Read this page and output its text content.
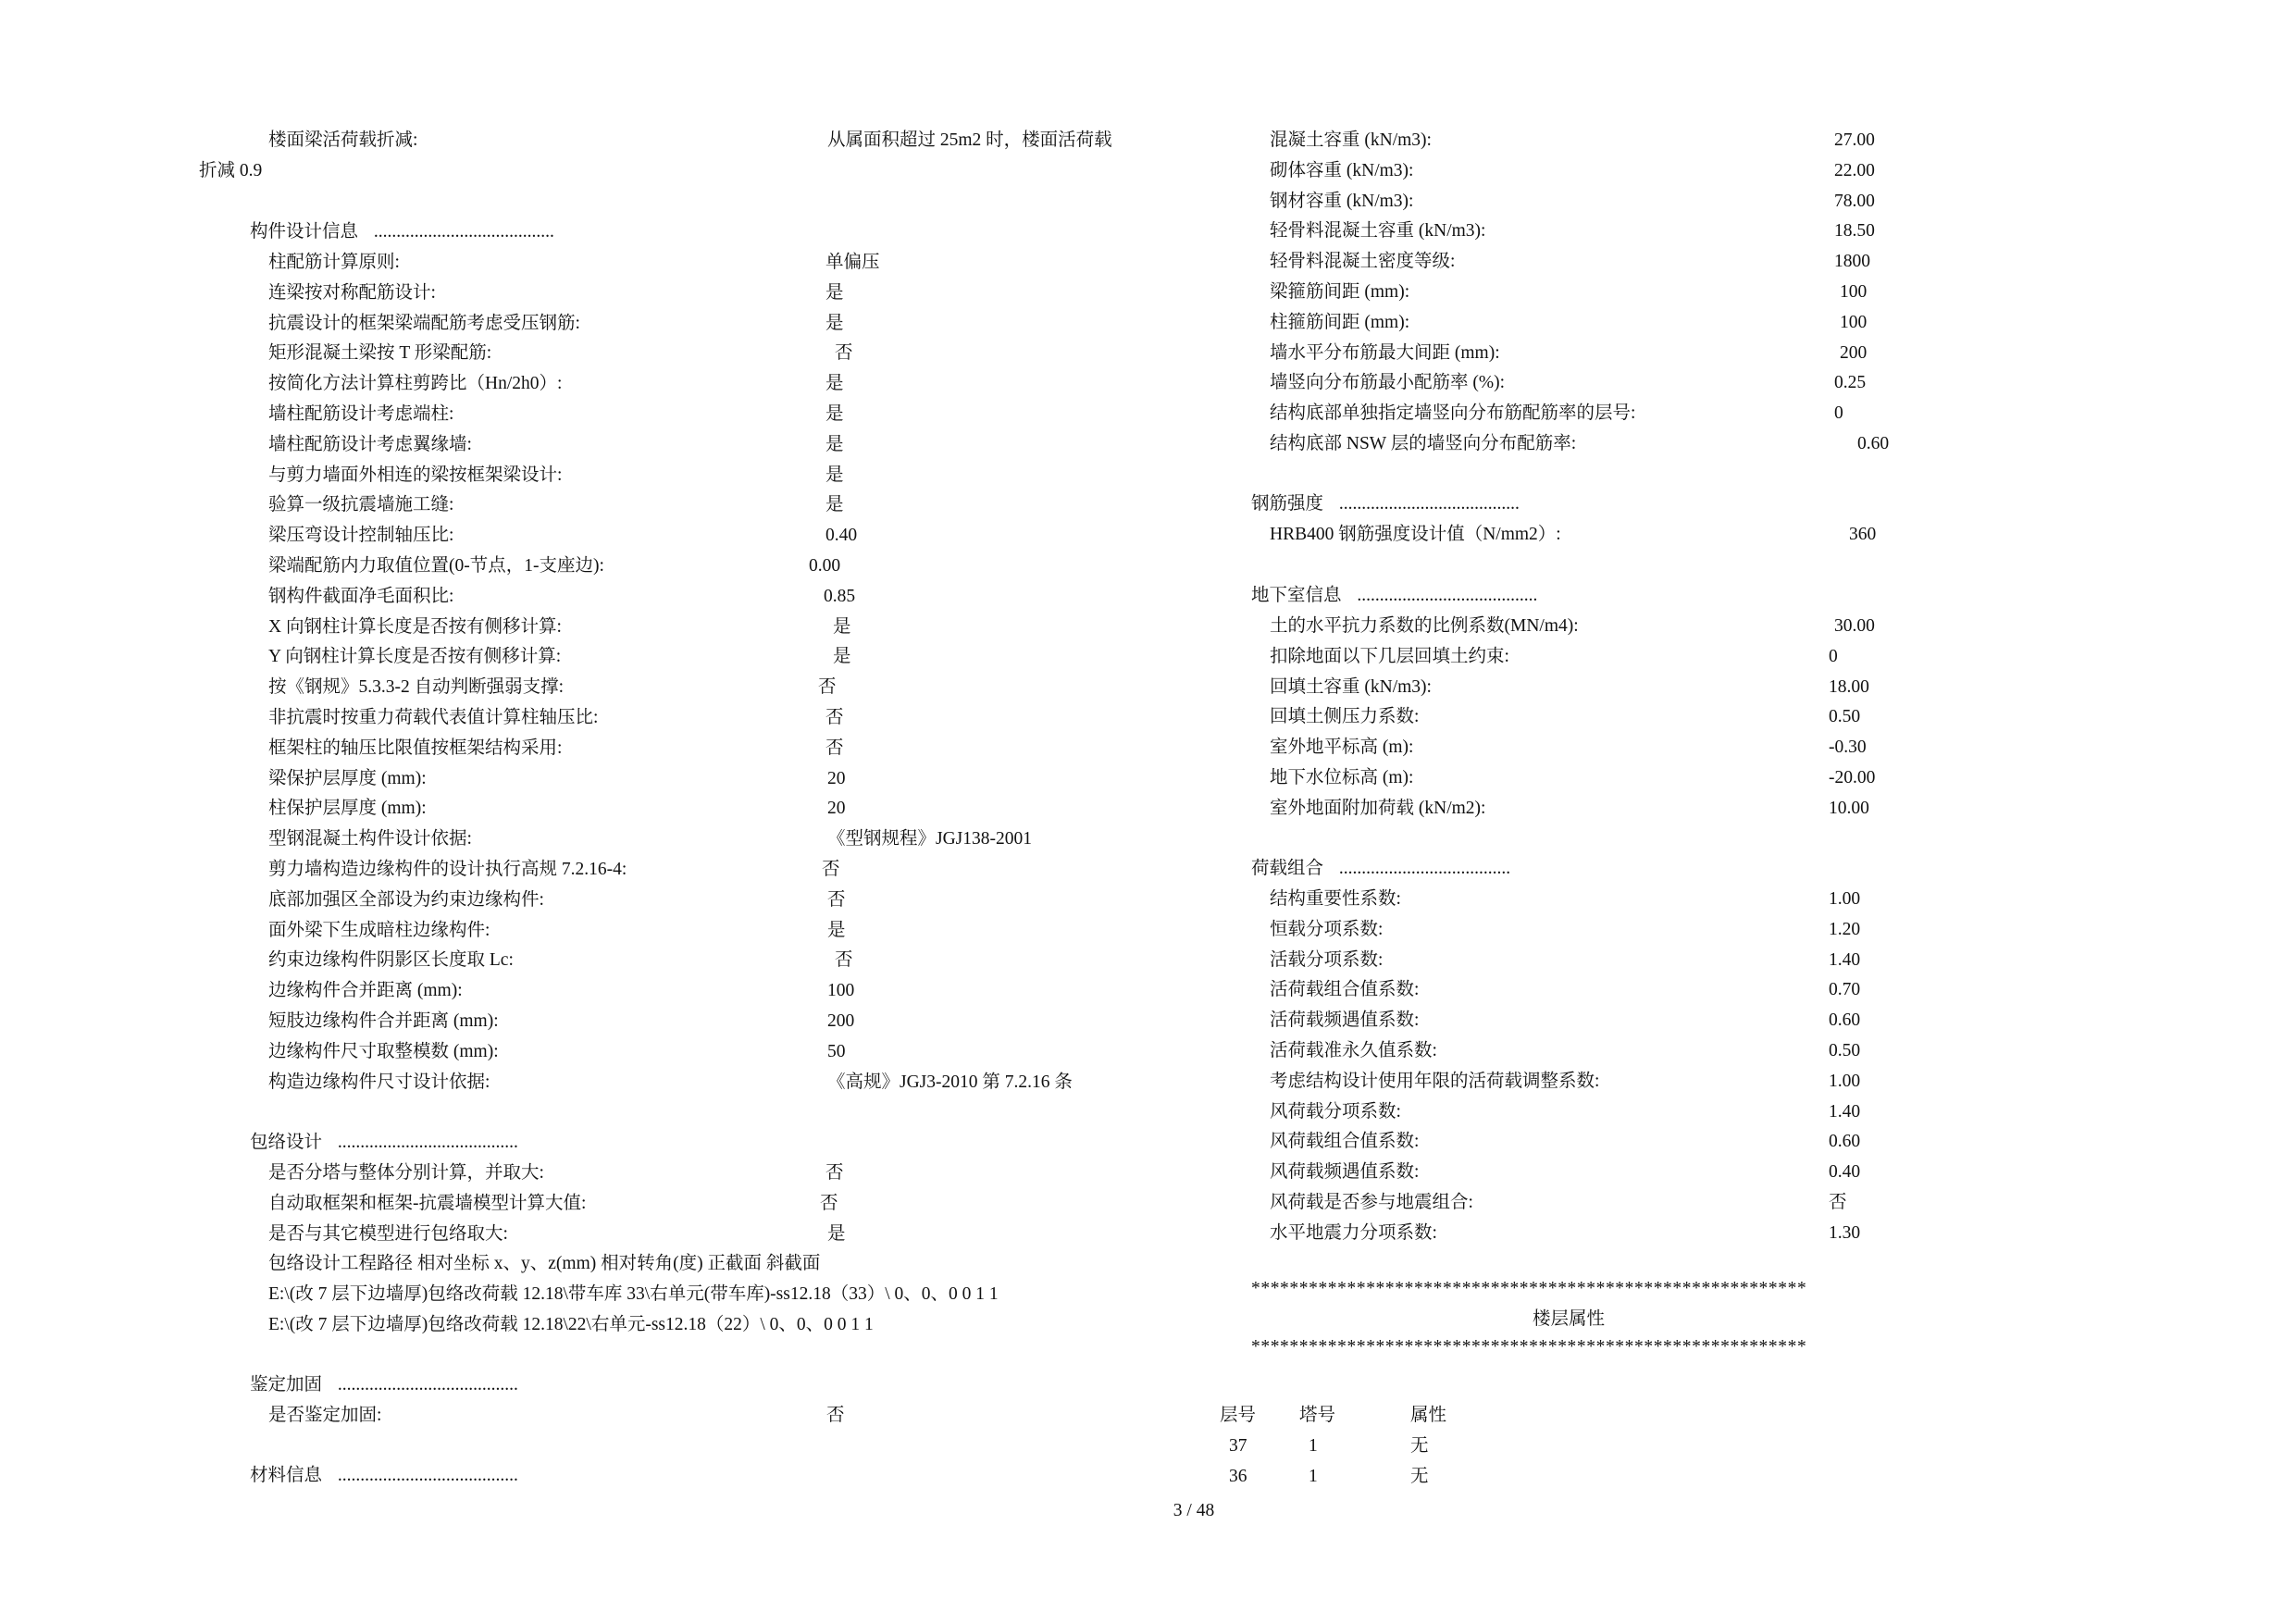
楼面梁活荷载折减:	从属面积超过 25m2 时，楼面活荷载
折减 0.9
构件设计信息 ........................................
柱配筋计算原则:	单偏压
连梁按对称配筋设计:	是
抗震设计的框架梁端配筋考虑受压钢筋:	是
矩形混凝土梁按 T 形梁配筋:	否
按简化方法计算柱剪跨比（Hn/2h0）:	是
墙柱配筋设计考虑端柱:	是
墙柱配筋设计考虑翼缘墙:	是
与剪力墙面外相连的梁按框架梁设计:	是
验算一级抗震墙施工缝:	是
梁压弯设计控制轴压比:	0.40
梁端配筋内力取值位置(0-节点，1-支座边):	0.00
钢构件截面净毛面积比:	0.85
X 向钢柱计算长度是否按有侧移计算:	是
Y 向钢柱计算长度是否按有侧移计算:	是
按《钢规》5.3.3-2 自动判断强弱支撑:	否
非抗震时按重力荷载代表值计算柱轴压比:	否
框架柱的轴压比限值按框架结构采用:	否
梁保护层厚度 (mm):	20
柱保护层厚度 (mm):	20
型钢混凝土构件设计依据:	《型钢规程》JGJ138-2001
剪力墙构造边缘构件的设计执行高规 7.2.16-4:	否
底部加强区全部设为约束边缘构件:	否
面外梁下生成暗柱边缘构件:	是
约束边缘构件阴影区长度取 Lc:	否
边缘构件合并距离 (mm):	100
短肢边缘构件合并距离 (mm):	200
边缘构件尺寸取整模数 (mm):	50
构造边缘构件尺寸设计依据:	《高规》JGJ3-2010 第 7.2.16 条
包络设计 ........................................
是否分塔与整体分别计算，并取大:	否
自动取框架和框架-抗震墙模型计算大值:	否
是否与其它模型进行包络取大:	是
包络设计工程路径 相对坐标 x、y、z(mm) 相对转角(度) 正截面 斜截面
E:\(改 7 层下边墙厚)包络改荷载 12.18\带车库 33\右单元(带车库)-ss12.18（33）\ 0、0、0 0 1 1
E:\(改 7 层下边墙厚)包络改荷载 12.18\22\右单元-ss12.18（22）\ 0、0、0 0 1 1
鉴定加固 ........................................
是否鉴定加固:	否
材料信息 ........................................
混凝土容重 (kN/m3):	27.00
砌体容重 (kN/m3):	22.00
钢材容重 (kN/m3):	78.00
轻骨料混凝土容重 (kN/m3):	18.50
轻骨料混凝土密度等级:	1800
梁箍筋间距 (mm):	100
柱箍筋间距 (mm):	100
墙水平分布筋最大间距 (mm):	200
墙竖向分布筋最小配筋率 (%):	0.25
结构底部单独指定墙竖向分布筋配筋率的层号:	0
结构底部 NSW 层的墙竖向分布配筋率:	0.60
钢筋强度 ........................................
HRB400 钢筋强度设计值（N/mm2）:	360
地下室信息 ........................................
土的水平抗力系数的比例系数(MN/m4):	30.00
扣除地面以下几层回填土约束:	0
回填土容重 (kN/m3):	18.00
回填土侧压力系数:	0.50
室外地平标高 (m):	-0.30
地下水位标高 (m):	-20.00
室外地面附加荷载 (kN/m2):	10.00
荷载组合 ......................................
结构重要性系数:	1.00
恒载分项系数:	1.20
活载分项系数:	1.40
活荷载组合值系数:	0.70
活荷载频遇值系数:	0.60
活荷载准永久值系数:	0.50
考虑结构设计使用年限的活荷载调整系数:	1.00
风荷载分项系数:	1.40
风荷载组合值系数:	0.60
风荷载频遇值系数:	0.40
风荷载是否参与地震组合:	否
水平地震力分项系数:	1.30
**********************************************************
楼层属性
**********************************************************
层号 塔号	属性
37	1	无
36	1	无
3 / 48
